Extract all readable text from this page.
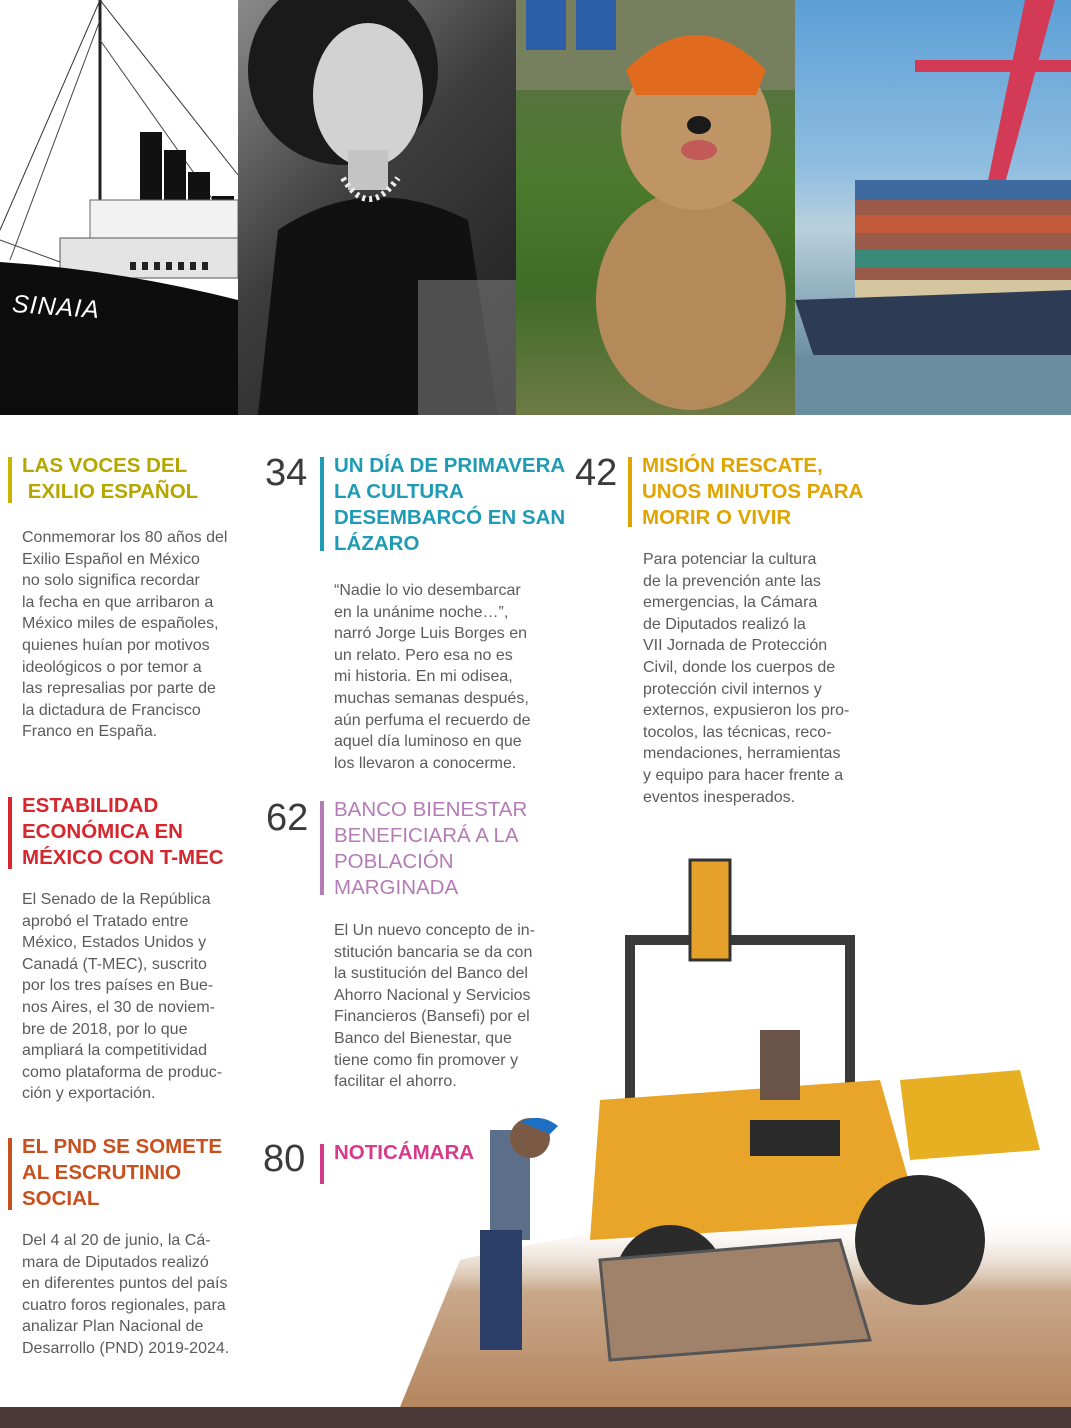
SINAIA
LAS VOCES DEL
EXILIO ESPAÑOL
Conmemorar los 80 años del
Exilio Español en México
no solo significa recordar
la fecha en que arribaron a
México miles de españoles,
quienes huían por motivos
ideológicos o por temor a
las represalias por parte de
la dictadura de Francisco
Franco en España.
ESTABILIDAD
ECONÓMICA EN
MÉXICO CON T-MEC
El Senado de la República
aprobó el Tratado entre
México, Estados Unidos y
Canadá (T-MEC), suscrito
por los tres países en Bue-
nos Aires, el 30 de noviem-
bre de 2018, por lo que
ampliará la competitividad
como plataforma de produc-
ción y exportación.
EL PND SE SOMETE
AL ESCRUTINIO
SOCIAL
Del 4 al 20 de junio, la Cá-
mara de Diputados realizó
en diferentes puntos del país
cuatro foros regionales, para
analizar Plan Nacional de
Desarrollo (PND) 2019-2024.
34 UN DÍA DE PRIMAVERA
LA CULTURA
DESEMBARCÓ EN SAN
LÁZARO
“Nadie lo vio desembarcar
en la unánime noche…”,
narró Jorge Luis Borges en
un relato. Pero esa no es
mi historia. En mi odisea,
muchas semanas después,
aún perfuma el recuerdo de
aquel día luminoso en que
los llevaron a conocerme.
62 BANCO BIENESTAR
BENEFICIARÁ A LA
POBLACIÓN
MARGINADA
El Un nuevo concepto de in-
stitución bancaria se da con
la sustitución del Banco del
Ahorro Nacional y Servicios
Financieros (Bansefi) por el
Banco del Bienestar, que
tiene como fin promover y
facilitar el ahorro.
80 NOTICÁMARA
42 MISIÓN RESCATE,
UNOS MINUTOS PARA
MORIR O VIVIR
Para potenciar la cultura
de la prevención ante las
emergencias, la Cámara
de Diputados realizó la
VII Jornada de Protección
Civil, donde los cuerpos de
protección civil internos y
externos, expusieron los pro-
tocolos, las técnicas, reco-
mendaciones, herramientas
y equipo para hacer frente a
eventos inesperados.
